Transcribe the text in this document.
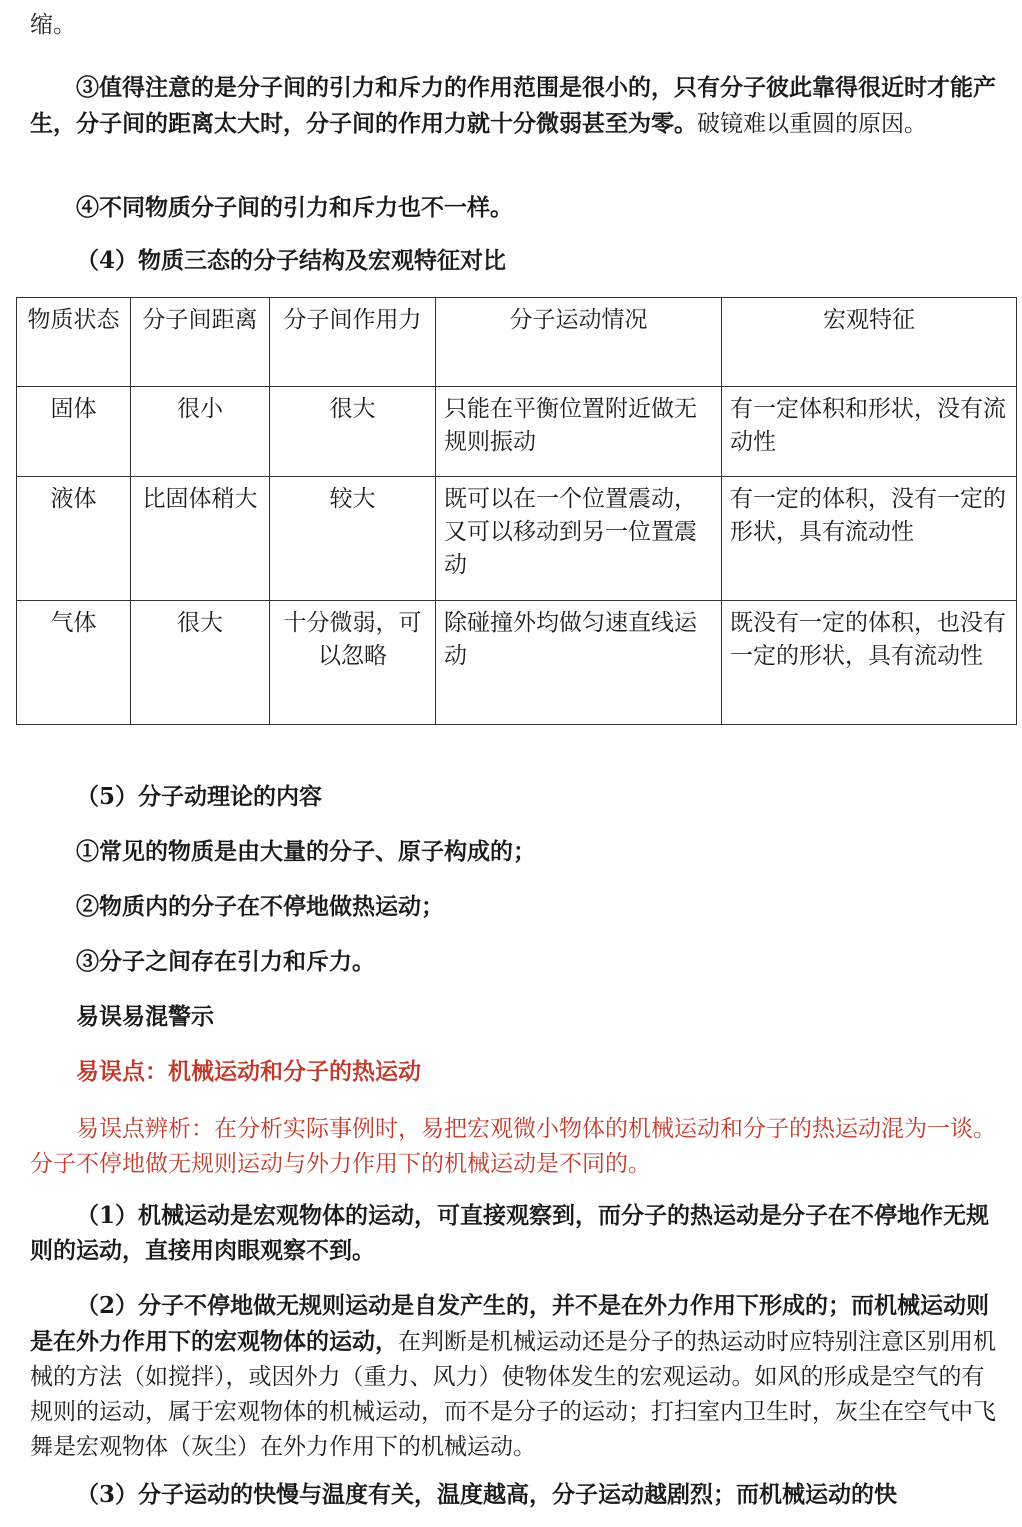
缩。
③值得注意的是分子间的引力和斥力的作用范围是很小的，只有分子彼此靠得很近时才能产生，分子间的距离太大时，分子间的作用力就十分微弱甚至为零。破镜难以重圆的原因。
④不同物质分子间的引力和斥力也不一样。
（4）物质三态的分子结构及宏观特征对比
物质状态	分子间距离	分子间作用力	分子运动情况	宏观特征
固体	很小	很大	只能在平衡位置附近做无规则振动	有一定体积和形状，没有流动性
液体	比固体稍大	较大	既可以在一个位置震动，又可以移动到另一位置震动	有一定的体积，没有一定的形状，具有流动性
气体	很大	十分微弱，可以忽略	除碰撞外均做匀速直线运动	既没有一定的体积，也没有一定的形状，具有流动性
（5）分子动理论的内容
①常见的物质是由大量的分子、原子构成的；
②物质内的分子在不停地做热运动；
③分子之间存在引力和斥力。
易误易混警示
易误点：机械运动和分子的热运动
易误点辨析：在分析实际事例时，易把宏观微小物体的机械运动和分子的热运动混为一谈。分子不停地做无规则运动与外力作用下的机械运动是不同的。
（1）机械运动是宏观物体的运动，可直接观察到，而分子的热运动是分子在不停地作无规则的运动，直接用肉眼观察不到。
（2）分子不停地做无规则运动是自发产生的，并不是在外力作用下形成的；而机械运动则是在外力作用下的宏观物体的运动，在判断是机械运动还是分子的热运动时应特别注意区别用机械的方法（如搅拌），或因外力（重力、风力）使物体发生的宏观运动。如风的形成是空气的有规则的运动，属于宏观物体的机械运动，而不是分子的运动；打扫室内卫生时，灰尘在空气中飞舞是宏观物体（灰尘）在外力作用下的机械运动。
（3）分子运动的快慢与温度有关，温度越高，分子运动越剧烈；而机械运动的快
